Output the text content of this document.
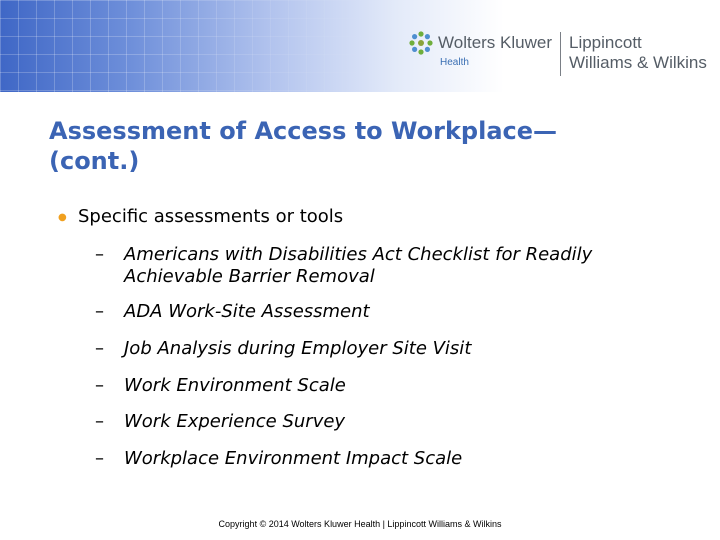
Wolters Kluwer
Health
Lippincott
Williams & Wilkins
Assessment of Access to Workplace—
(cont.)
● Specific assessments or tools
– Americans with Disabilities Act Checklist for Readily Achievable Barrier Removal
– ADA Work-Site Assessment
– Job Analysis during Employer Site Visit
– Work Environment Scale
– Work Experience Survey
– Workplace Environment Impact Scale
Copyright © 2014 Wolters Kluwer Health | Lippincott Williams & Wilkins
